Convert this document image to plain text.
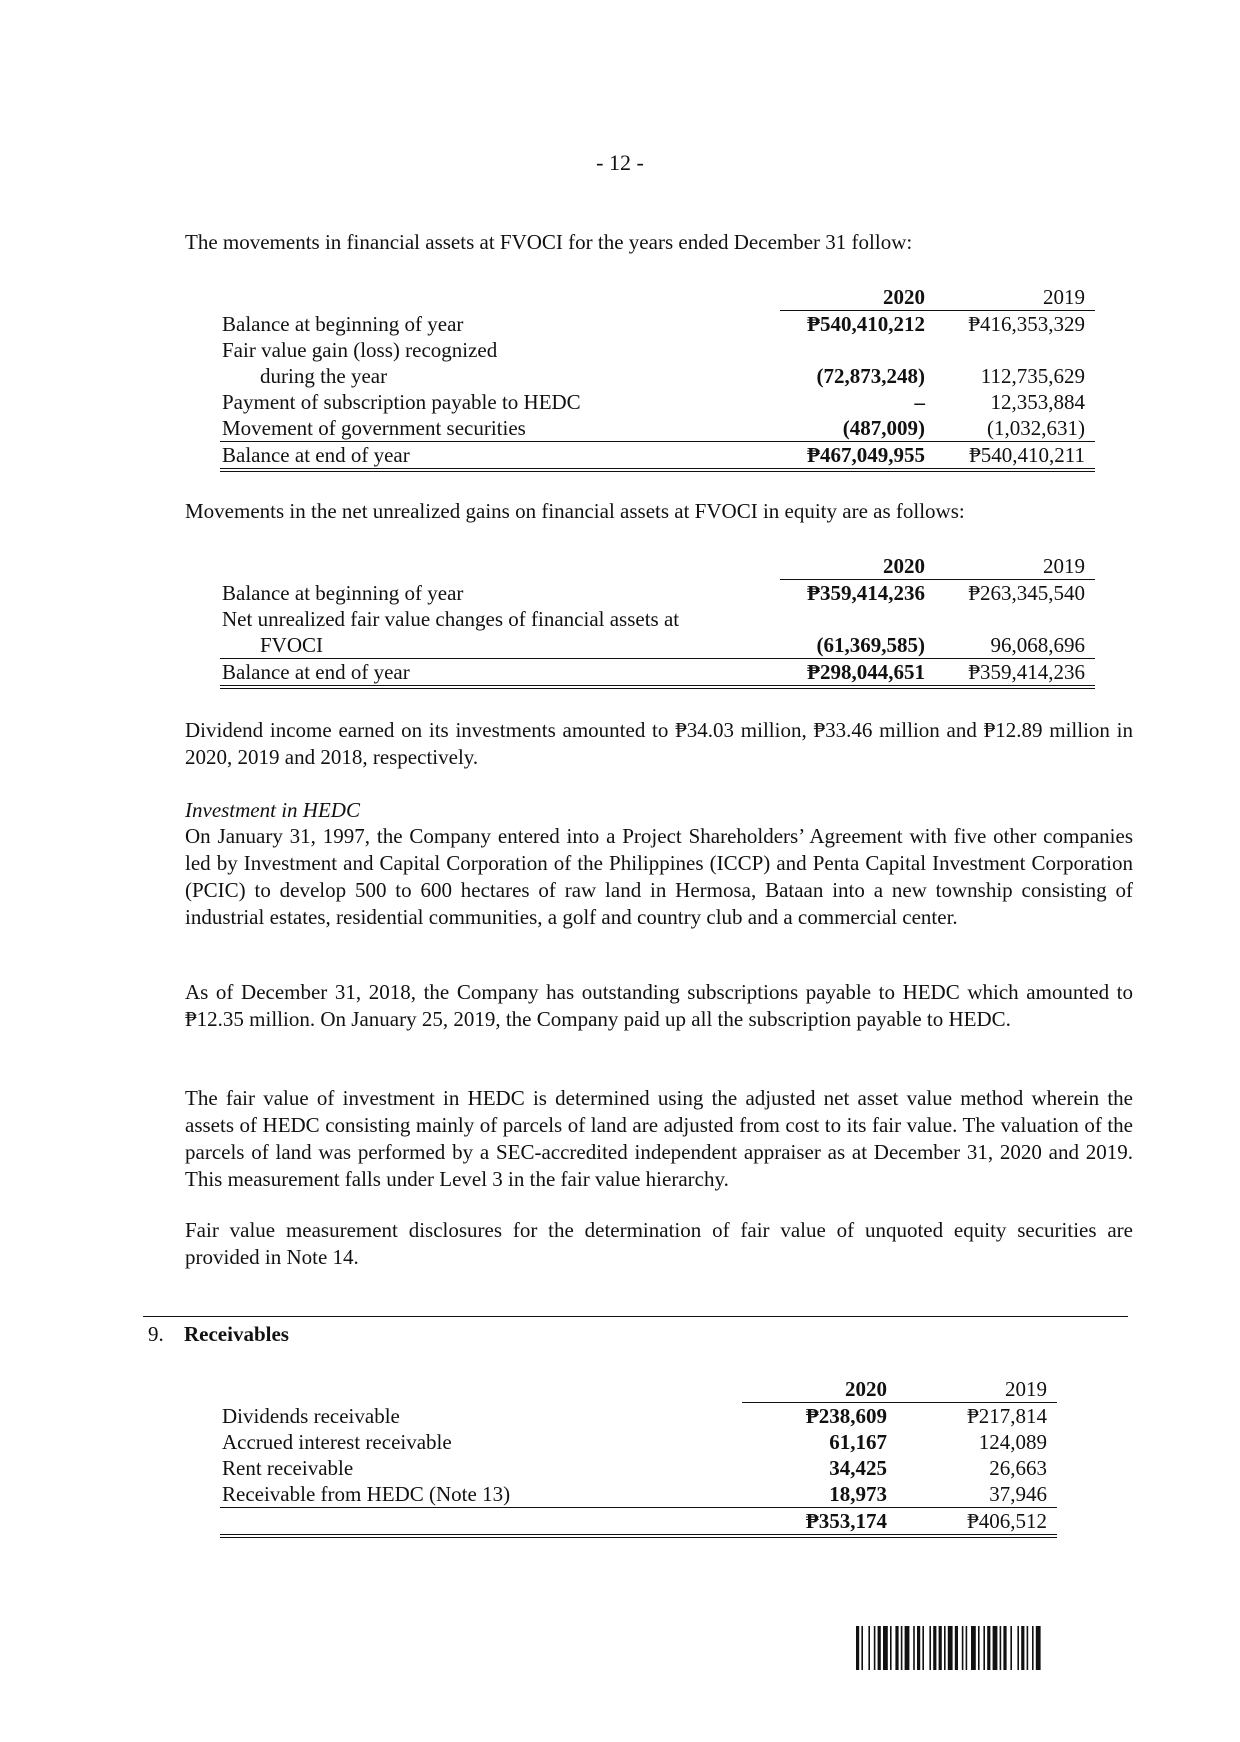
- 12 -

The movements in financial assets at FVOCI for the years ended December 31 follow:

	2020	2019
Balance at beginning of year	₱540,410,212	₱416,353,329
Fair value gain (loss) recognized		
during the year	(72,873,248)	112,735,629
Payment of subscription payable to HEDC	–	12,353,884
Movement of government securities	(487,009)	(1,032,631)
Balance at end of year	₱467,049,955	₱540,410,211

Movements in the net unrealized gains on financial assets at FVOCI in equity are as follows:

	2020	2019
Balance at beginning of year	₱359,414,236	₱263,345,540
Net unrealized fair value changes of financial assets at		
FVOCI	(61,369,585)	96,068,696
Balance at end of year	₱298,044,651	₱359,414,236

Dividend income earned on its investments amounted to ₱34.03 million, ₱33.46 million and ₱12.89 million in 2020, 2019 and 2018, respectively.

Investment in HEDC

On January 31, 1997, the Company entered into a Project Shareholders’ Agreement with five other companies led by Investment and Capital Corporation of the Philippines (ICCP) and Penta Capital Investment Corporation (PCIC) to develop 500 to 600 hectares of raw land in Hermosa, Bataan into a new township consisting of industrial estates, residential communities, a golf and country club and a commercial center.

As of December 31, 2018, the Company has outstanding subscriptions payable to HEDC which amounted to ₱12.35 million. On January 25, 2019, the Company paid up all the subscription payable to HEDC.

The fair value of investment in HEDC is determined using the adjusted net asset value method wherein the assets of HEDC consisting mainly of parcels of land are adjusted from cost to its fair value. The valuation of the parcels of land was performed by a SEC-accredited independent appraiser as at December 31, 2020 and 2019. This measurement falls under Level 3 in the fair value hierarchy.

Fair value measurement disclosures for the determination of fair value of unquoted equity securities are provided in Note 14.

9. Receivables
	2020	2019
Dividends receivable	₱238,609	₱217,814
Accrued interest receivable	61,167	124,089
Rent receivable	34,425	26,663
Receivable from HEDC (Note 13)	18,973	37,946
	₱353,174	₱406,512
